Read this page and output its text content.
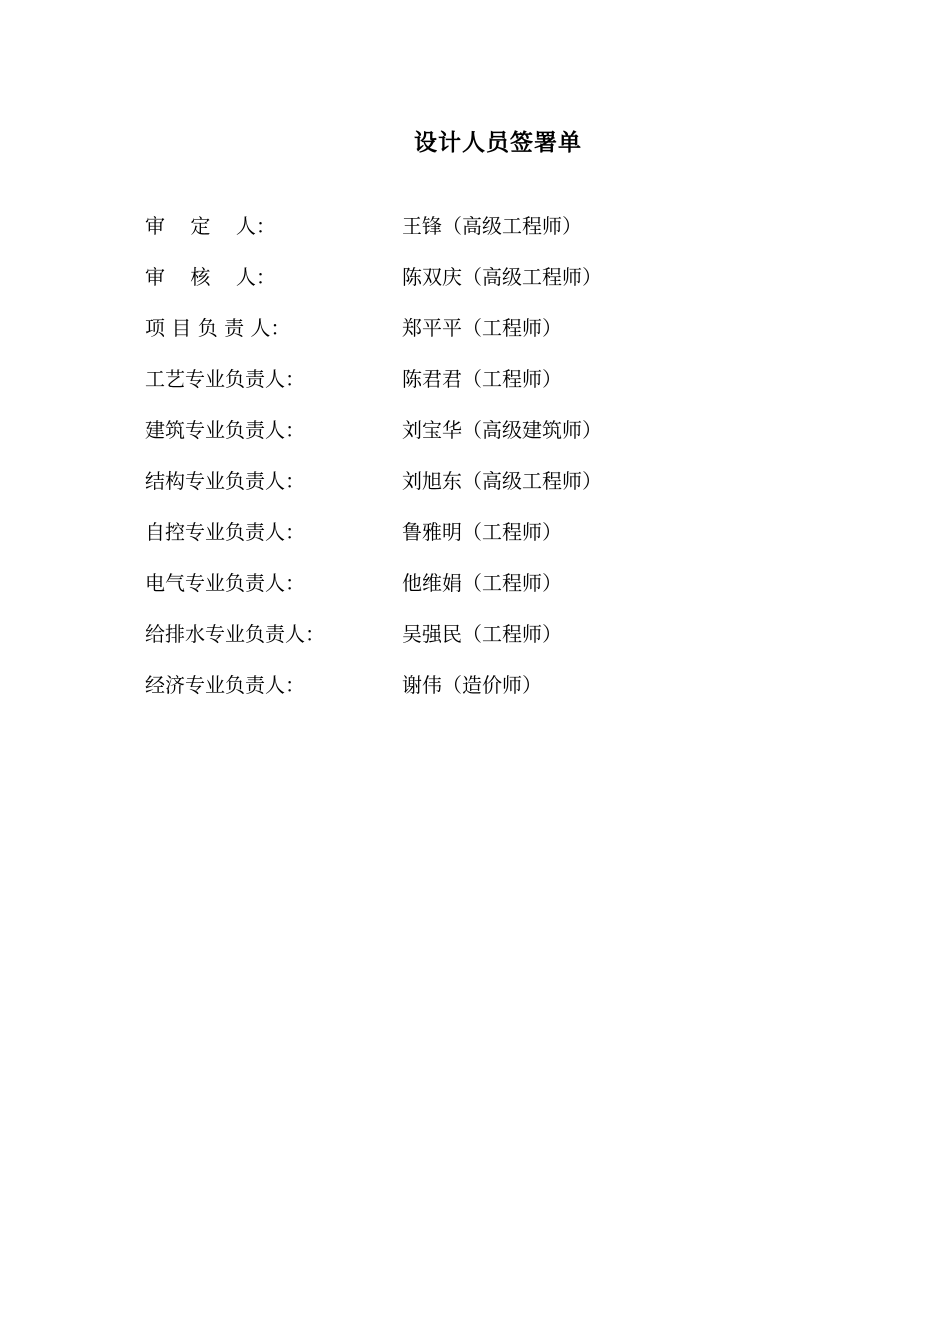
设计人员签署单
审    定    人：	王锋（高级工程师）
审    核    人：	陈双庆（高级工程师）
项 目 负 责 人：	郑平平（工程师）
工艺专业负责人：	陈君君（工程师）
建筑专业负责人：	刘宝华（高级建筑师）
结构专业负责人：	刘旭东（高级工程师）
自控专业负责人：	鲁雅明（工程师）
电气专业负责人：	他维娟（工程师）
给排水专业负责人：	吴强民（工程师）
经济专业负责人：	谢伟（造价师）
